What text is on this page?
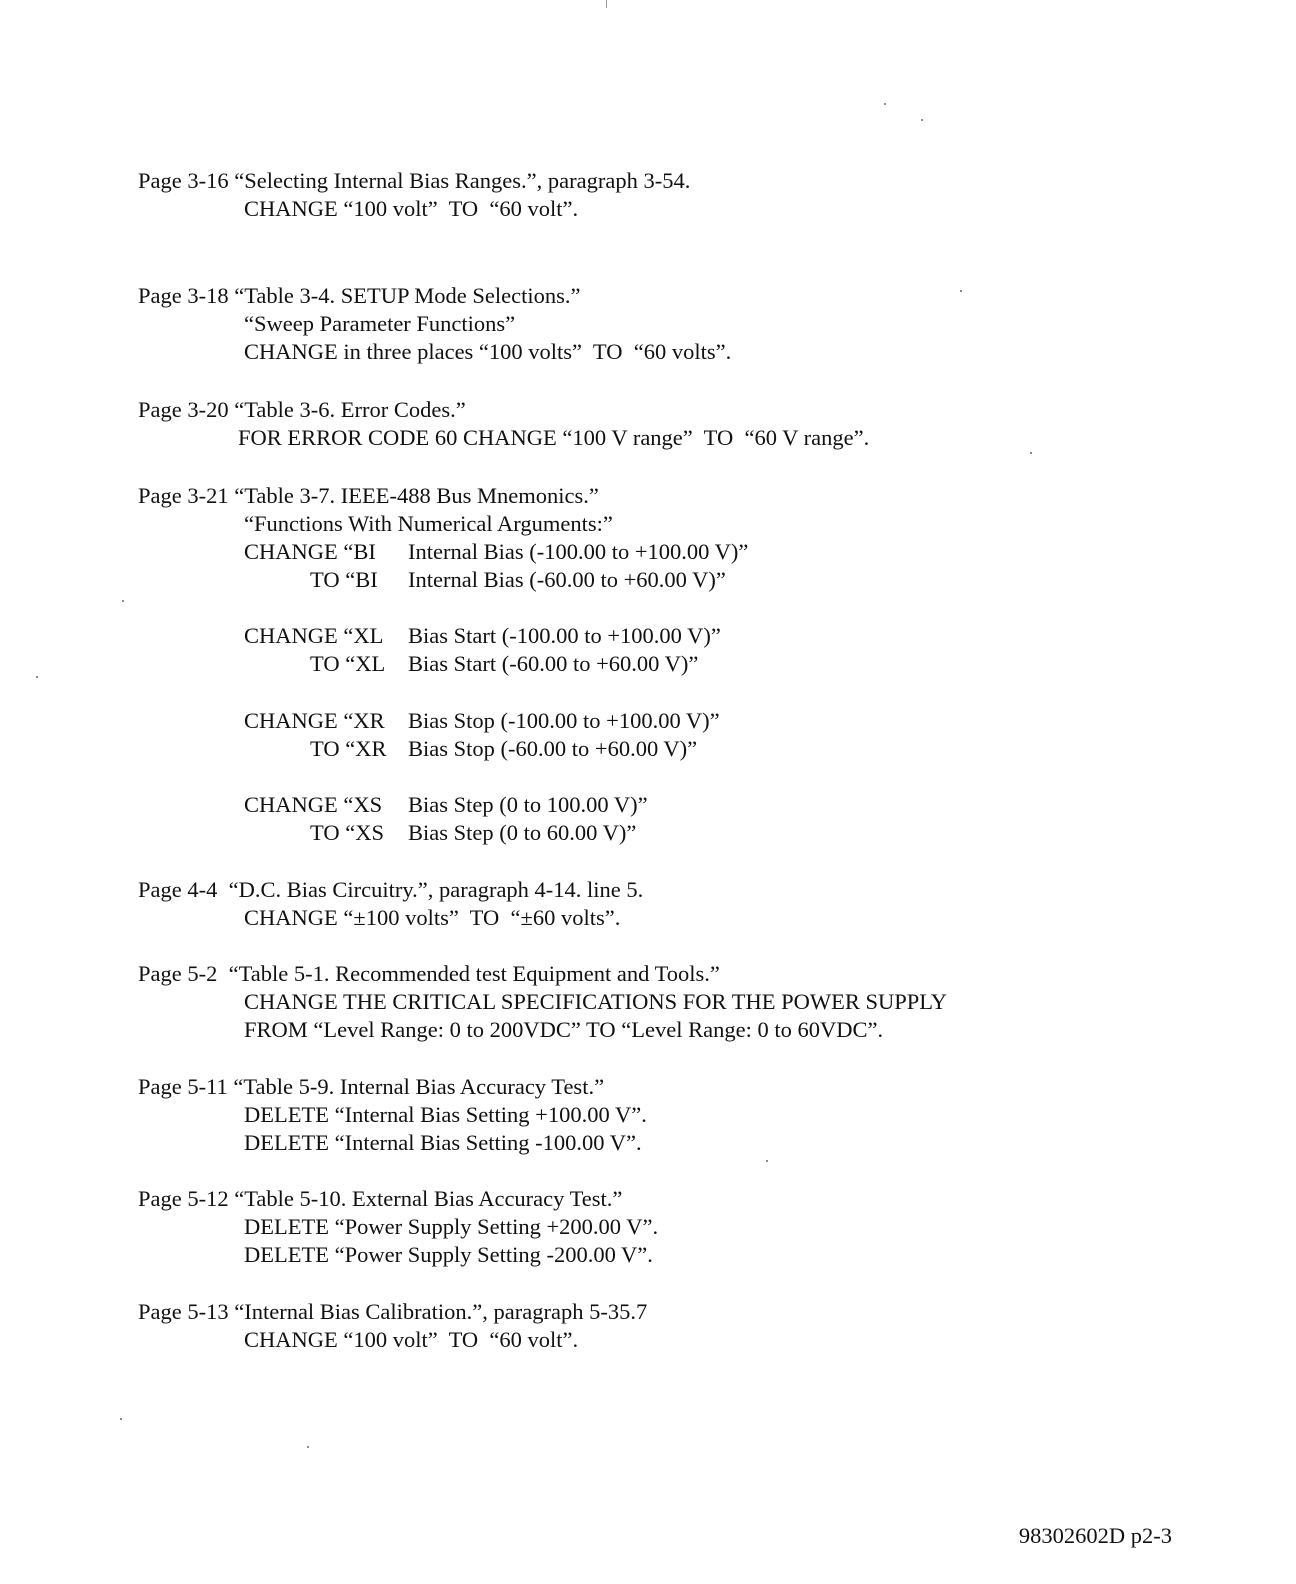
Page 3-16 “Selecting Internal Bias Ranges.”, paragraph 3-54.
CHANGE “100 volt”  TO  “60 volt”.
Page 3-18 “Table 3-4. SETUP Mode Selections.”
“Sweep Parameter Functions”
CHANGE in three places “100 volts”  TO  “60 volts”.
Page 3-20 “Table 3-6. Error Codes.”
FOR ERROR CODE 60 CHANGE “100 V range”  TO  “60 V range”.
Page 3-21 “Table 3-7. IEEE-488 Bus Mnemonics.”
“Functions With Numerical Arguments:”
CHANGE “BI Internal Bias (-100.00 to +100.00 V)”
TO “BI Internal Bias (-60.00 to +60.00 V)”
CHANGE “XL Bias Start (-100.00 to +100.00 V)”
TO “XL Bias Start (-60.00 to +60.00 V)”
CHANGE “XR Bias Stop (-100.00 to +100.00 V)”
TO “XR Bias Stop (-60.00 to +60.00 V)”
CHANGE “XS Bias Step (0 to 100.00 V)”
TO “XS Bias Step (0 to 60.00 V)”
Page 4-4  “D.C. Bias Circuitry.”, paragraph 4-14. line 5.
CHANGE “±100 volts”  TO  “±60 volts”.
Page 5-2  “Table 5-1. Recommended test Equipment and Tools.”
CHANGE THE CRITICAL SPECIFICATIONS FOR THE POWER SUPPLY
FROM “Level Range: 0 to 200VDC” TO “Level Range: 0 to 60VDC”.
Page 5-11 “Table 5-9. Internal Bias Accuracy Test.”
DELETE “Internal Bias Setting +100.00 V”.
DELETE “Internal Bias Setting -100.00 V”.
Page 5-12 “Table 5-10. External Bias Accuracy Test.”
DELETE “Power Supply Setting +200.00 V”.
DELETE “Power Supply Setting -200.00 V”.
Page 5-13 “Internal Bias Calibration.”, paragraph 5-35.7
CHANGE “100 volt”  TO  “60 volt”.
98302602D p2-3
